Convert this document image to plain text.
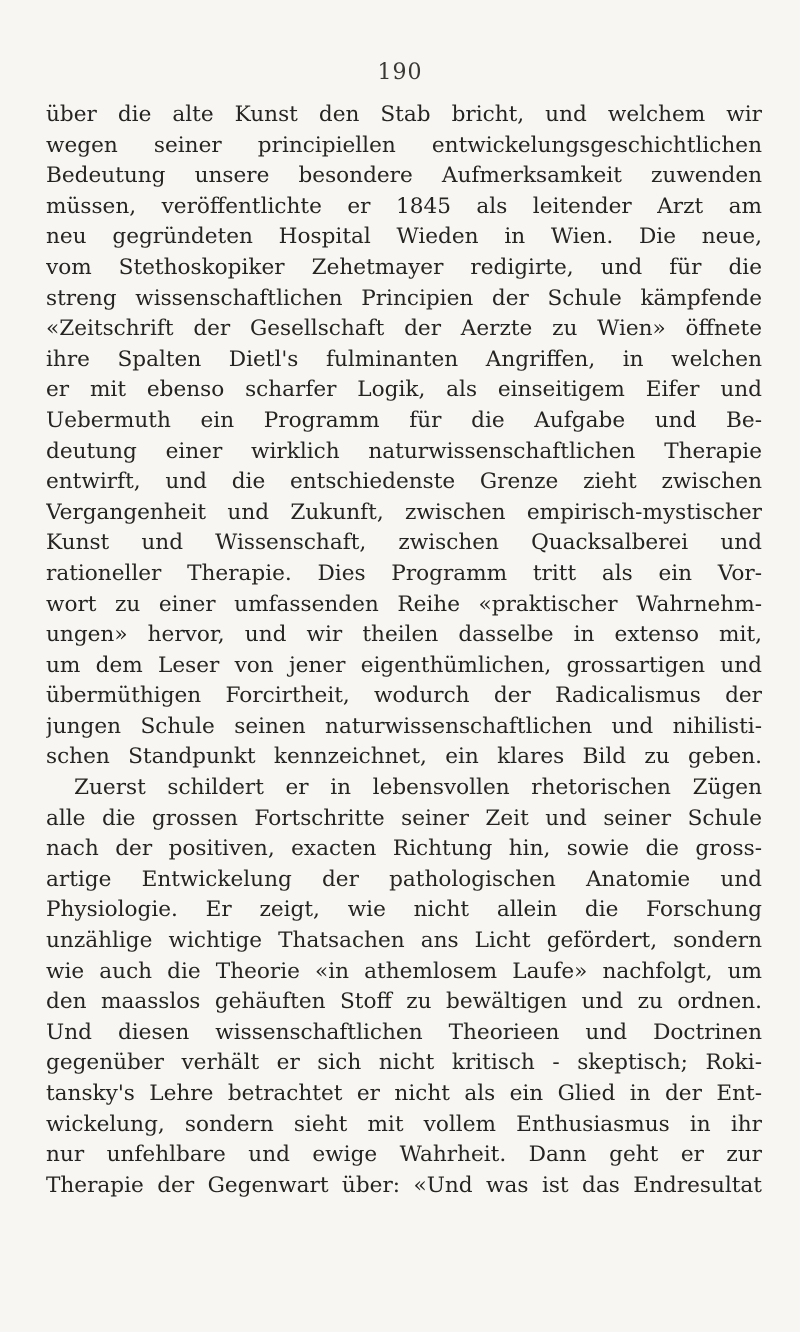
190
über die alte Kunst den Stab bricht, und welchem wir
wegen seiner principiellen entwickelungsgeschichtlichen
Bedeutung unsere besondere Aufmerksamkeit zuwenden
müssen, veröffentlichte er 1845 als leitender Arzt am
neu gegründeten Hospital Wieden in Wien. Die neue,
vom Stethoskopiker Zehetmayer redigirte, und für die
streng wissenschaftlichen Principien der Schule kämpfende
«Zeitschrift der Gesellschaft der Aerzte zu Wien» öffnete
ihre Spalten Dietl's fulminanten Angriffen, in welchen
er mit ebenso scharfer Logik, als einseitigem Eifer und
Uebermuth ein Programm für die Aufgabe und Be-
deutung einer wirklich naturwissenschaftlichen Therapie
entwirft, und die entschiedenste Grenze zieht zwischen
Vergangenheit und Zukunft, zwischen empirisch-mystischer
Kunst und Wissenschaft, zwischen Quacksalberei und
rationeller Therapie. Dies Programm tritt als ein Vor-
wort zu einer umfassenden Reihe «praktischer Wahrnehm-
ungen» hervor, und wir theilen dasselbe in extenso mit,
um dem Leser von jener eigenthümlichen, grossartigen und
übermüthigen Forcirtheit, wodurch der Radicalismus der
jungen Schule seinen naturwissenschaftlichen und nihilisti-
schen Standpunkt kennzeichnet, ein klares Bild zu geben.
Zuerst schildert er in lebensvollen rhetorischen Zügen
alle die grossen Fortschritte seiner Zeit und seiner Schule
nach der positiven, exacten Richtung hin, sowie die gross-
artige Entwickelung der pathologischen Anatomie und
Physiologie. Er zeigt, wie nicht allein die Forschung
unzählige wichtige Thatsachen ans Licht gefördert, sondern
wie auch die Theorie «in athemlosem Laufe» nachfolgt, um
den maasslos gehäuften Stoff zu bewältigen und zu ordnen.
Und diesen wissenschaftlichen Theorieen und Doctrinen
gegenüber verhält er sich nicht kritisch - skeptisch; Roki-
tansky's Lehre betrachtet er nicht als ein Glied in der Ent-
wickelung, sondern sieht mit vollem Enthusiasmus in ihr
nur unfehlbare und ewige Wahrheit. Dann geht er zur
Therapie der Gegenwart über: «Und was ist das Endresultat
